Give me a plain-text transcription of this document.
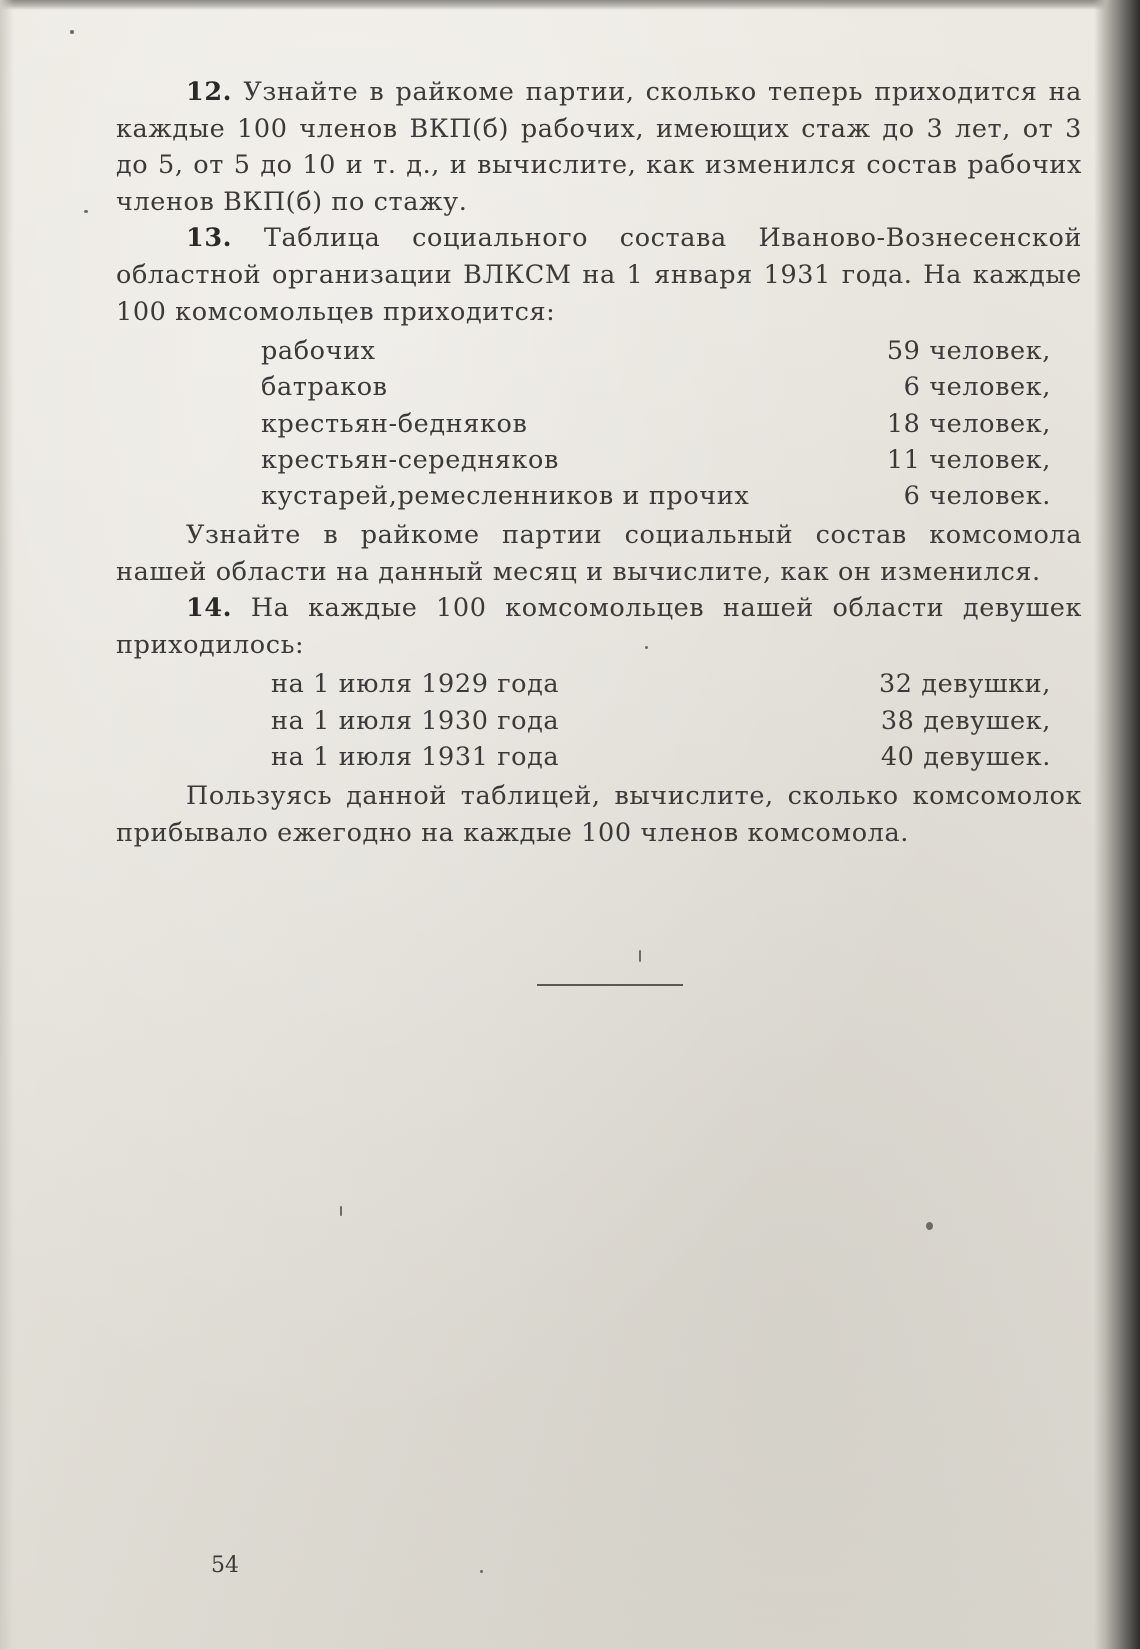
12. Узнайте в райкоме партии, сколько теперь приходится на каждые 100 членов ВКП(б) рабочих, имеющих стаж до 3 лет, от 3 до 5, от 5 до 10 и т. д., и вычислите, как изменился состав рабочих членов ВКП(б) по стажу.

13. Таблица социального состава Иваново-Вознесенской областной организации ВЛКСМ на 1 января 1931 года. На каждые 100 комсомольцев приходится:

рабочих	59 человек,
батраков	6 человек,
крестьян-бедняков	18 человек,
крестьян-середняков	11 человек,
кустарей,ремесленников и прочих	6 человек.

Узнайте в райкоме партии социальный состав комсомола нашей области на данный месяц и вычислите, как он изменился.

14. На каждые 100 комсомольцев нашей области девушек приходилось:

на 1 июля 1929 года	32 девушки,
на 1 июля 1930 года	38 девушек,
на 1 июля 1931 года	40 девушек.

Пользуясь данной таблицей, вычислите, сколько комсомолок прибывало ежегодно на каждые 100 членов комсомола.

54
